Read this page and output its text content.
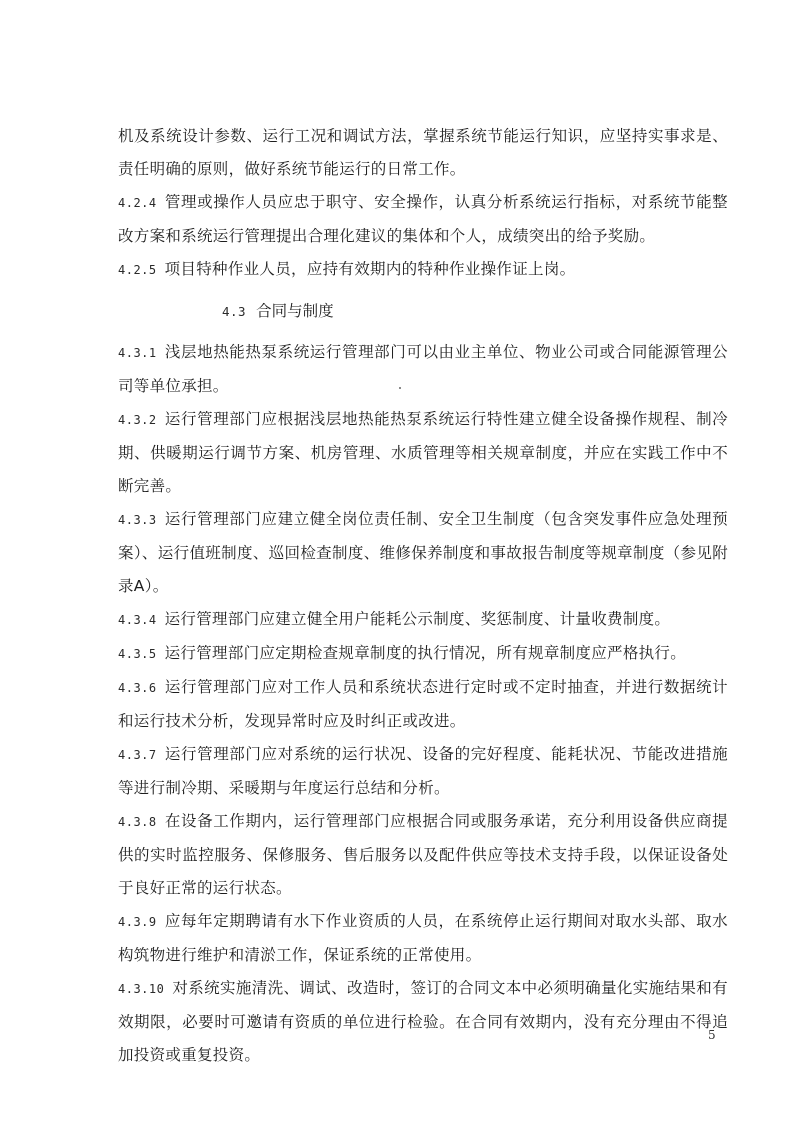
机及系统设计参数、运行工况和调试方法，掌握系统节能运行知识，应坚持实事求是、责任明确的原则，做好系统节能运行的日常工作。

4.2.4 管理或操作人员应忠于职守、安全操作，认真分析系统运行指标，对系统节能整改方案和系统运行管理提出合理化建议的集体和个人，成绩突出的给予奖励。

4.2.5 项目特种作业人员，应持有效期内的特种作业操作证上岗。

4.3 合同与制度

4.3.1 浅层地热能热泵系统运行管理部门可以由业主单位、物业公司或合同能源管理公司等单位承担。

4.3.2 运行管理部门应根据浅层地热能热泵系统运行特性建立健全设备操作规程、制冷期、供暖期运行调节方案、机房管理、水质管理等相关规章制度，并应在实践工作中不断完善。

4.3.3 运行管理部门应建立健全岗位责任制、安全卫生制度（包含突发事件应急处理预案）、运行值班制度、巡回检查制度、维修保养制度和事故报告制度等规章制度（参见附录A）。

4.3.4 运行管理部门应建立健全用户能耗公示制度、奖惩制度、计量收费制度。

4.3.5 运行管理部门应定期检查规章制度的执行情况，所有规章制度应严格执行。

4.3.6 运行管理部门应对工作人员和系统状态进行定时或不定时抽查，并进行数据统计和运行技术分析，发现异常时应及时纠正或改进。

4.3.7 运行管理部门应对系统的运行状况、设备的完好程度、能耗状况、节能改进措施等进行制冷期、采暖期与年度运行总结和分析。

4.3.8 在设备工作期内，运行管理部门应根据合同或服务承诺，充分利用设备供应商提供的实时监控服务、保修服务、售后服务以及配件供应等技术支持手段，以保证设备处于良好正常的运行状态。

4.3.9 应每年定期聘请有水下作业资质的人员，在系统停止运行期间对取水头部、取水构筑物进行维护和清淤工作，保证系统的正常使用。

4.3.10 对系统实施清洗、调试、改造时，签订的合同文本中必须明确量化实施结果和有效期限，必要时可邀请有资质的单位进行检验。在合同有效期内，没有充分理由不得追加投资或重复投资。

5
